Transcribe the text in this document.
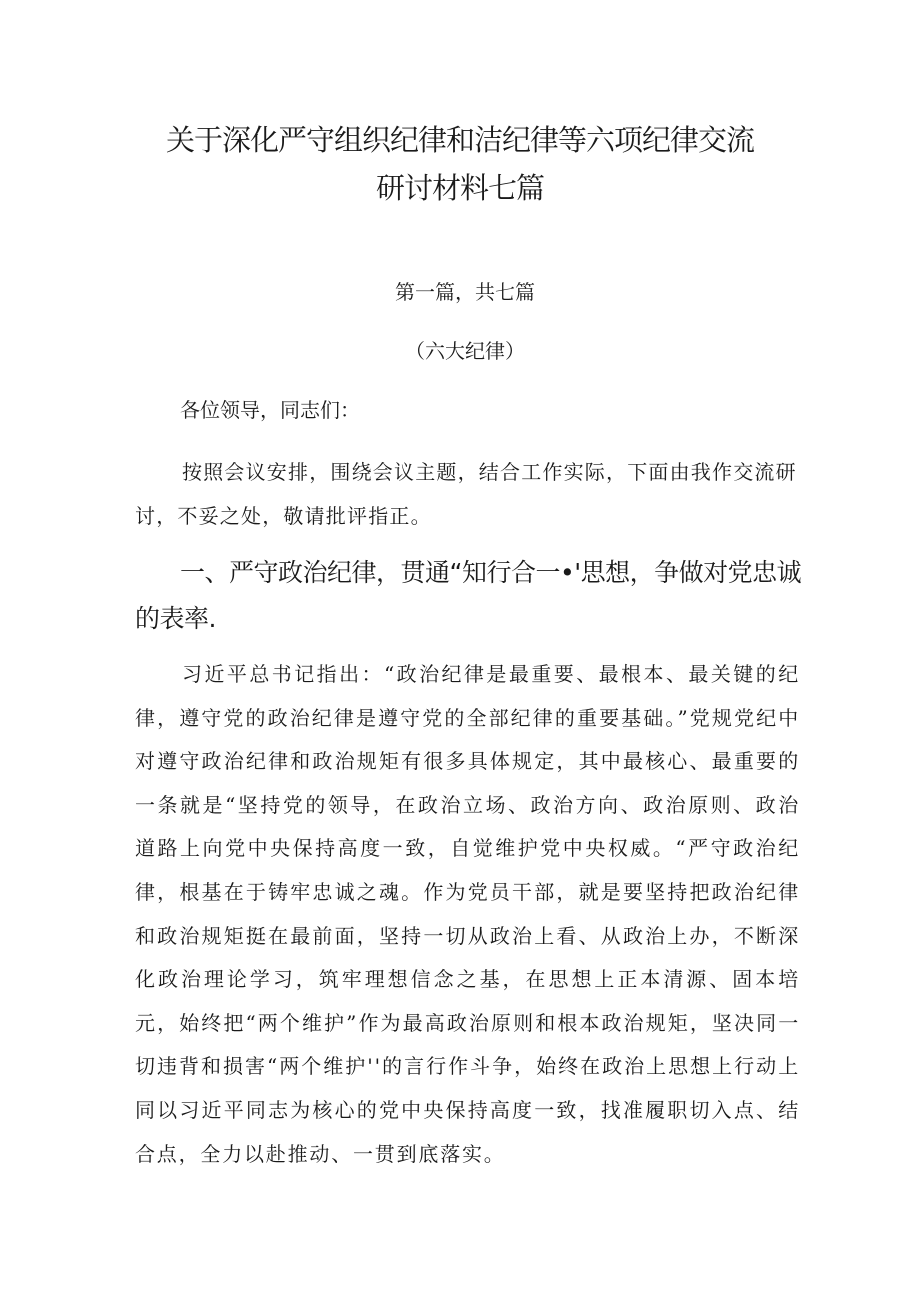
关于深化严守组织纪律和洁纪律等六项纪律交流
研讨材料七篇

第一篇，共七篇

（六大纪律）

各位领导，同志们：

按照会议安排，围绕会议主题，结合工作实际，下面由我作交流研讨，不妥之处，敬请批评指正。

一、严守政治纪律，贯通“知行合一•'思想，争做对党忠诚的表率.

习近平总书记指出：“政治纪律是最重要、最根本、最关键的纪律，遵守党的政治纪律是遵守党的全部纪律的重要基础。”党规党纪中对遵守政治纪律和政治规矩有很多具体规定，其中最核心、最重要的一条就是“坚持党的领导，在政治立场、政治方向、政治原则、政治道路上向党中央保持高度一致，自觉维护党中央权威。“严守政治纪律，根基在于铸牢忠诚之魂。作为党员干部，就是要坚持把政治纪律和政治规矩挺在最前面，坚持一切从政治上看、从政治上办，不断深化政治理论学习，筑牢理想信念之基，在思想上正本清源、固本培元，始终把“两个维护”作为最高政治原则和根本政治规矩，坚决同一切违背和损害“两个维护''的言行作斗争，始终在政治上思想上行动上同以习近平同志为核心的党中央保持高度一致，找准履职切入点、结合点，全力以赴推动、一贯到底落实。
